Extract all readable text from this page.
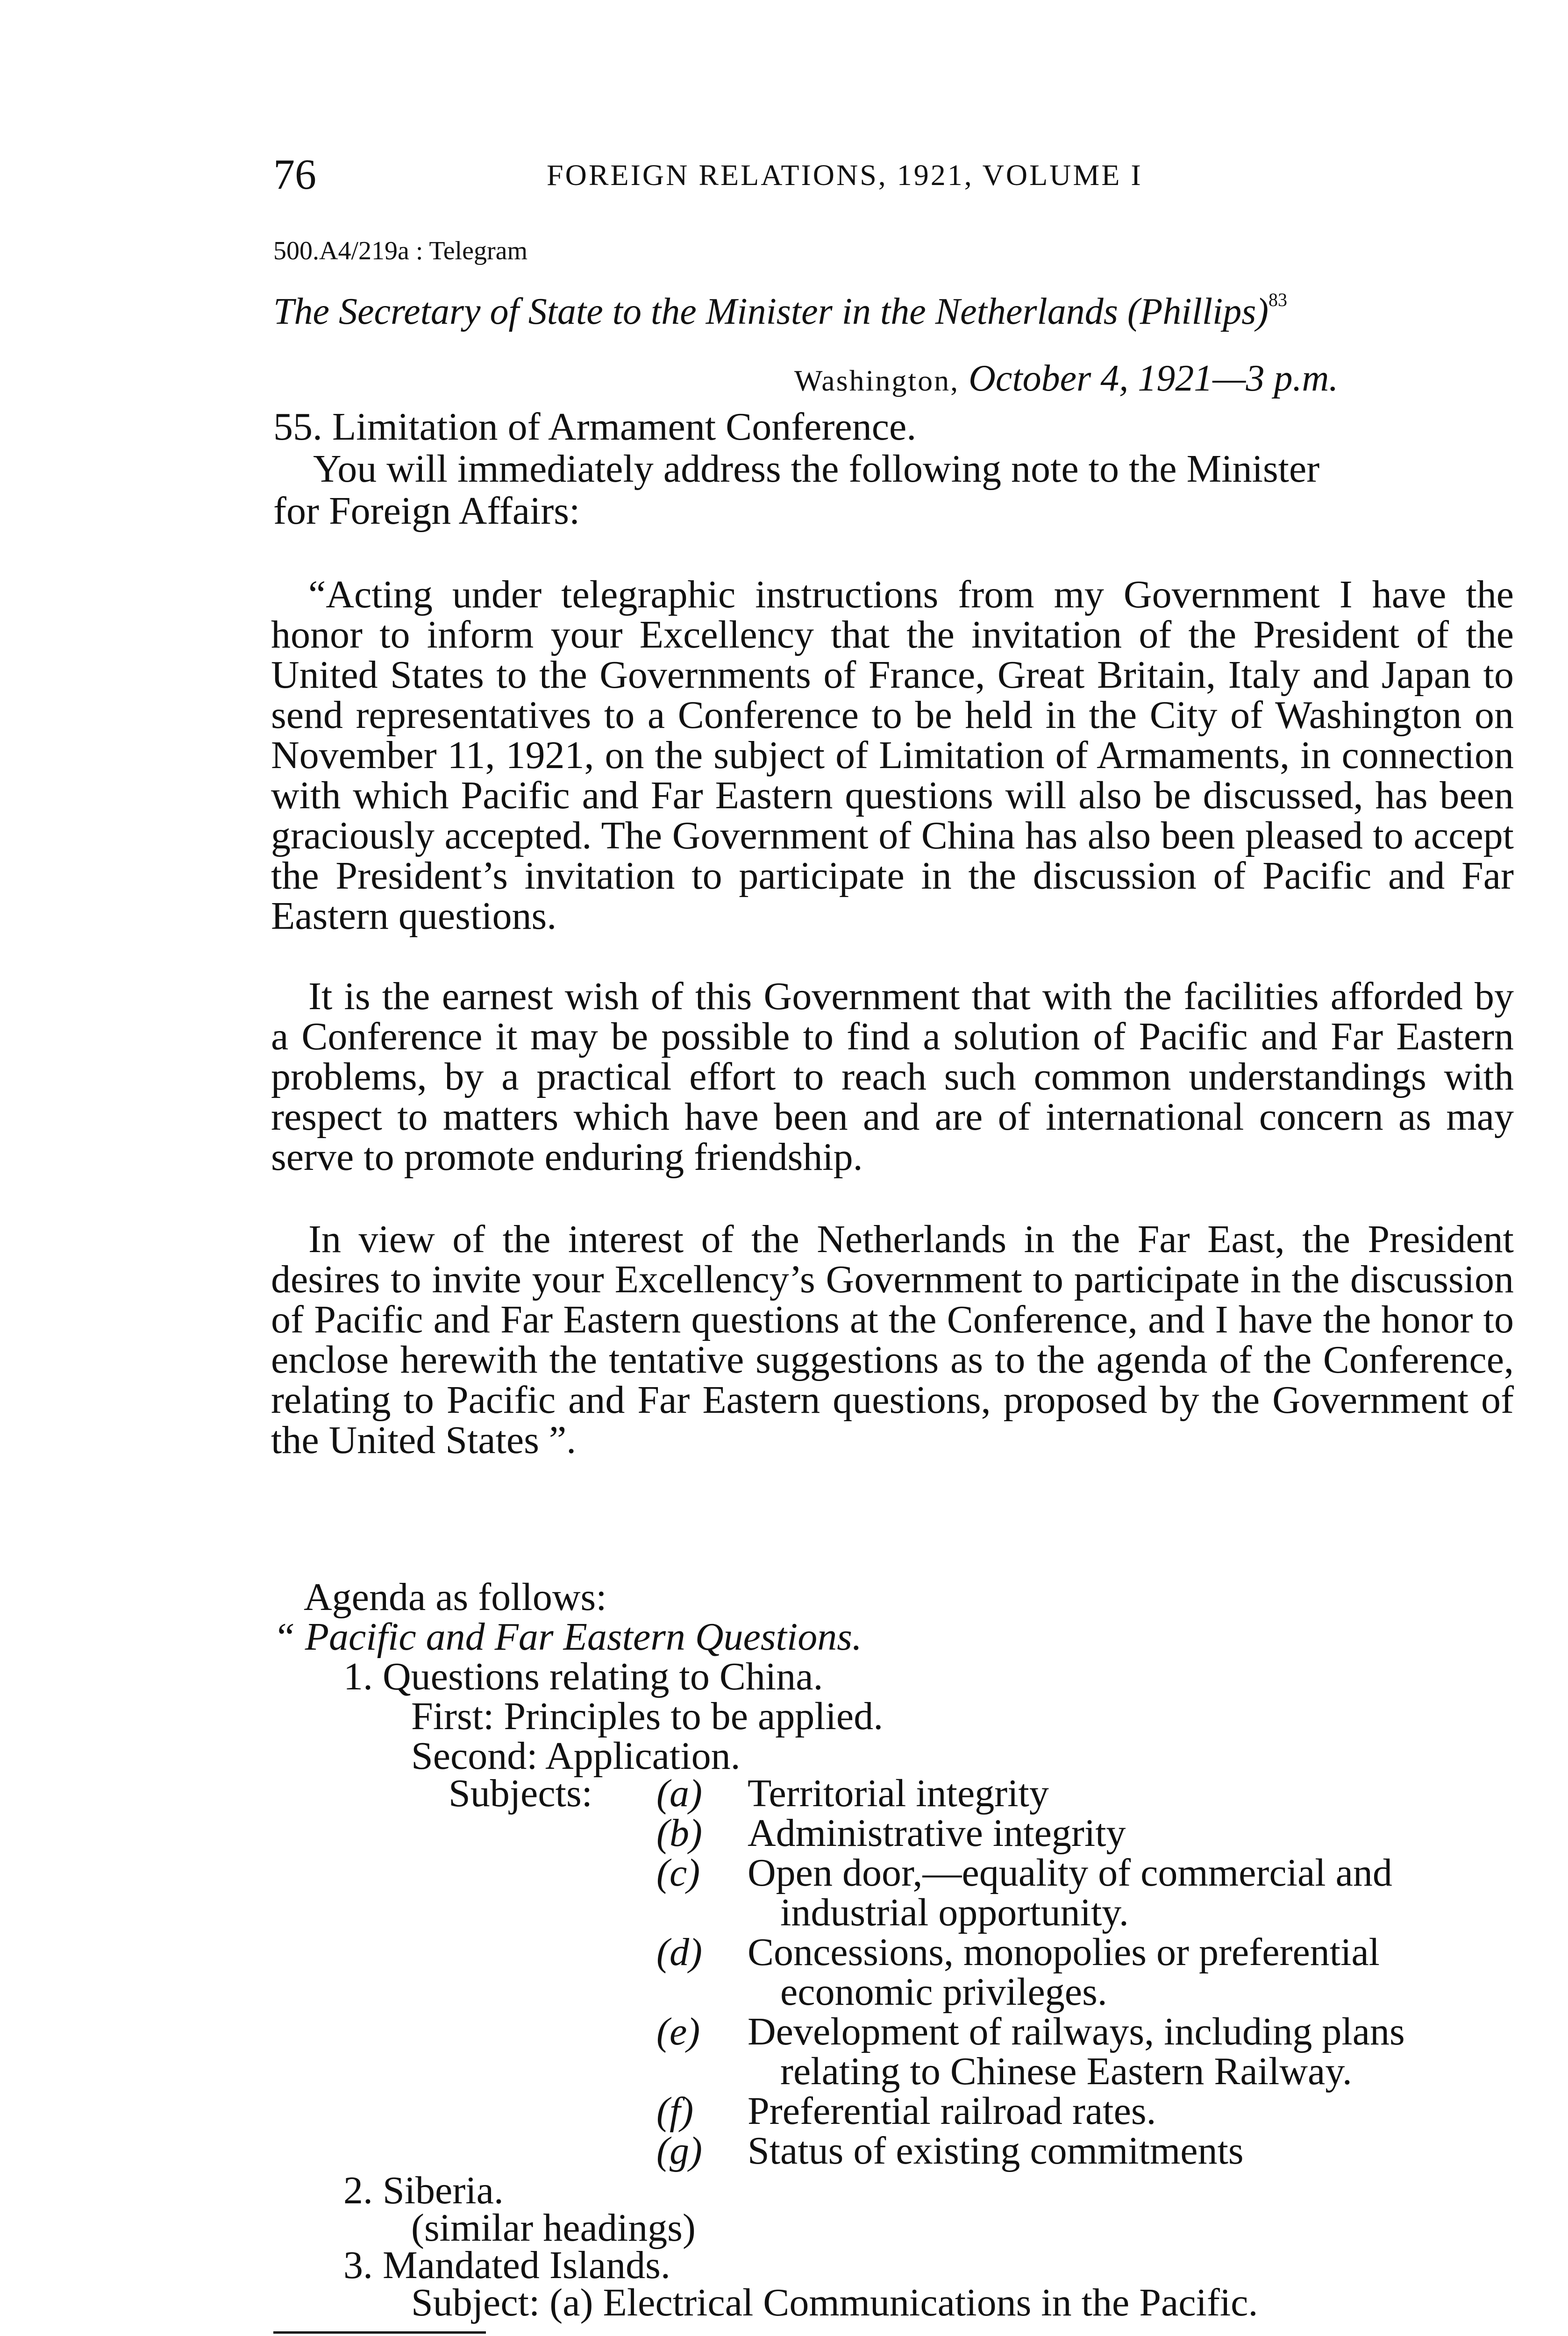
76	FOREIGN RELATIONS, 1921, VOLUME I
500.A4/219a : Telegram
The Secretary of State to the Minister in the Netherlands (Phillips)$^{83}$
Washington, October 4, 1921—3 p.m.
55. Limitation of Armament Conference.
You will immediately address the following note to the Minister
for Foreign Affairs:
“Acting under telegraphic instructions from my Government I have the honor to inform your Excellency that the invitation of the President of the United States to the Governments of France, Great Britain, Italy and Japan to send representatives to a Conference to be held in the City of Washington on November 11, 1921, on the subject of Limitation of Armaments, in connection with which Pacific and Far Eastern questions will also be discussed, has been graciously accepted. The Government of China has also been pleased to accept the President’s invitation to participate in the discussion of Pacific and Far Eastern questions.
It is the earnest wish of this Government that with the facilities afforded by a Conference it may be possible to find a solution of Pacific and Far Eastern problems, by a practical effort to reach such common understandings with respect to matters which have been and are of international concern as may serve to promote enduring friendship.
In view of the interest of the Netherlands in the Far East, the President desires to invite your Excellency’s Government to participate in the discussion of Pacific and Far Eastern questions at the Conference, and I have the honor to enclose herewith the tentative suggestions as to the agenda of the Conference, relating to Pacific and Far Eastern questions, proposed by the Government of the United States ”.
Agenda as follows:
“ Pacific and Far Eastern Questions.
1. Questions relating to China.
First: Principles to be applied.
Second: Application.
Subjects: (a) Territorial integrity
(b) Administrative integrity
(c) Open door,—equality of commercial and
industrial opportunity.
(d) Concessions, monopolies or preferential
economic privileges.
(e) Development of railways, including plans
relating to Chinese Eastern Railway.
(f) Preferential railroad rates.
(g) Status of existing commitments
2. Siberia.
(similar headings)
3. Mandated Islands.
Subject: (a) Electrical Communications in the Pacific.
